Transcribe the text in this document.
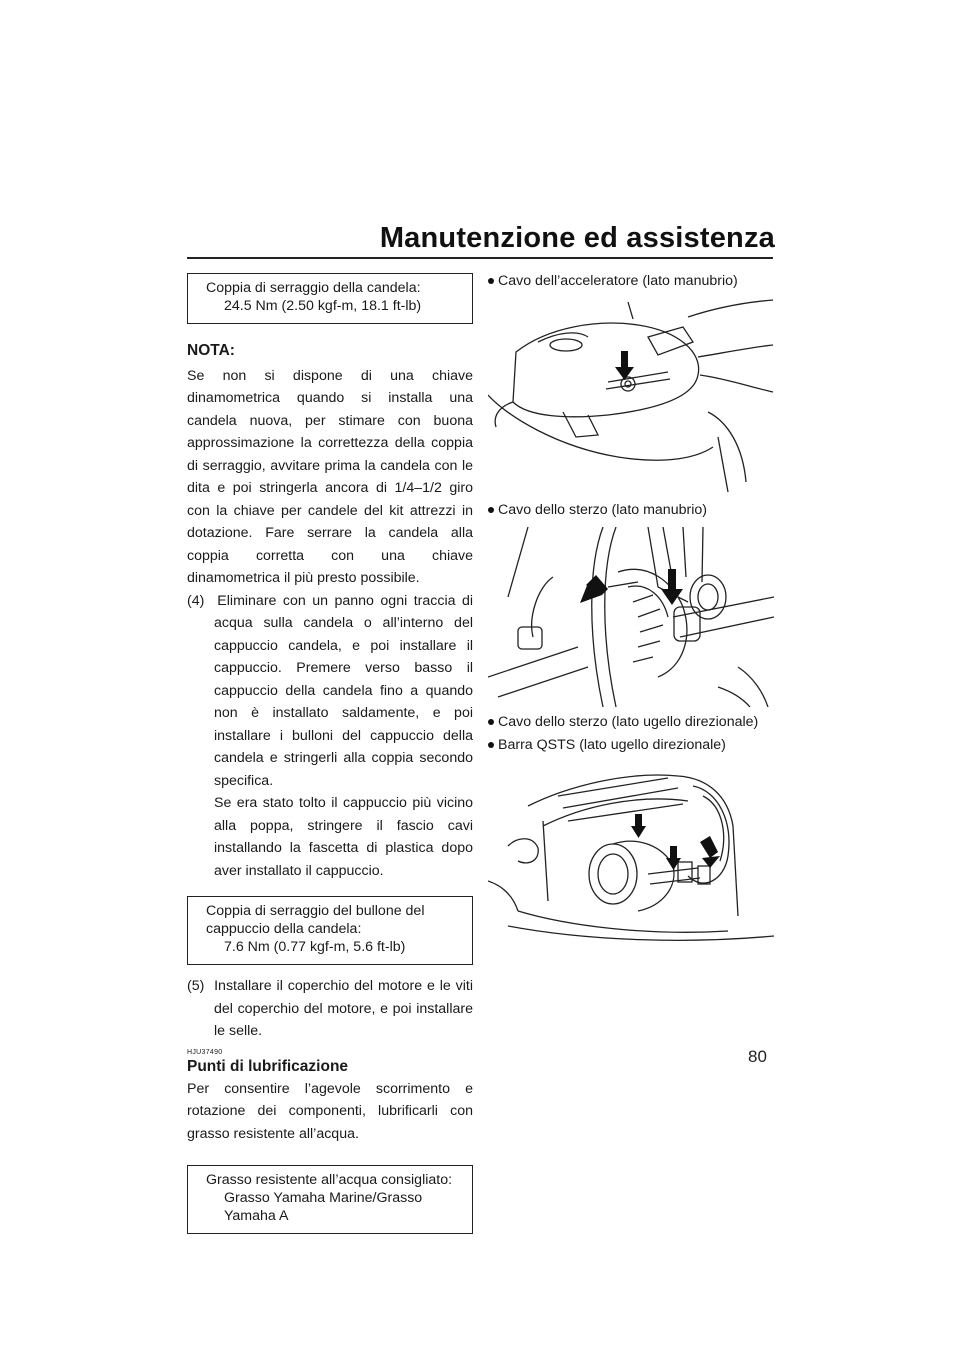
Manutenzione ed assistenza
Coppia di serraggio della candela:
24.5 Nm (2.50 kgf-m, 18.1 ft-lb)
NOTA:

Se non si dispone di una chiave dinamometrica quando si installa una candela nuova, per stimare con buona approssimazione la correttezza della coppia di serraggio, avvitare prima la candela con le dita e poi stringerla ancora di 1/4–1/2 giro con la chiave per candele del kit attrezzi in dotazione. Fare serrare la candela alla coppia corretta con una chiave dinamometrica il più presto possibile.

(4) Eliminare con un panno ogni traccia di acqua sulla candela o all’interno del cappuccio candela, e poi installare il cappuccio. Premere verso basso il cappuccio della candela fino a quando non è installato saldamente, e poi installare i bulloni del cappuccio della candela e stringerli alla coppia secondo specifica.
Se era stato tolto il cappuccio più vicino alla poppa, stringere il fascio cavi installando la fascetta di plastica dopo aver installato il cappuccio.
Coppia di serraggio del bullone del cappuccio della candela:
7.6 Nm (0.77 kgf-m, 5.6 ft-lb)
(5) Installare il coperchio del motore e le viti del coperchio del motore, e poi installare le selle.
HJU37490
Punti di lubrificazione

Per consentire l’agevole scorrimento e rotazione dei componenti, lubrificarli con grasso resistente all’acqua.

Grasso resistente all’acqua consigliato:
Grasso Yamaha Marine/Grasso Yamaha A
Cavo dell’acceleratore (lato manubrio)
Cavo dello sterzo (lato manubrio)
Cavo dello sterzo (lato ugello direzionale)
Barra QSTS (lato ugello direzionale)
80
